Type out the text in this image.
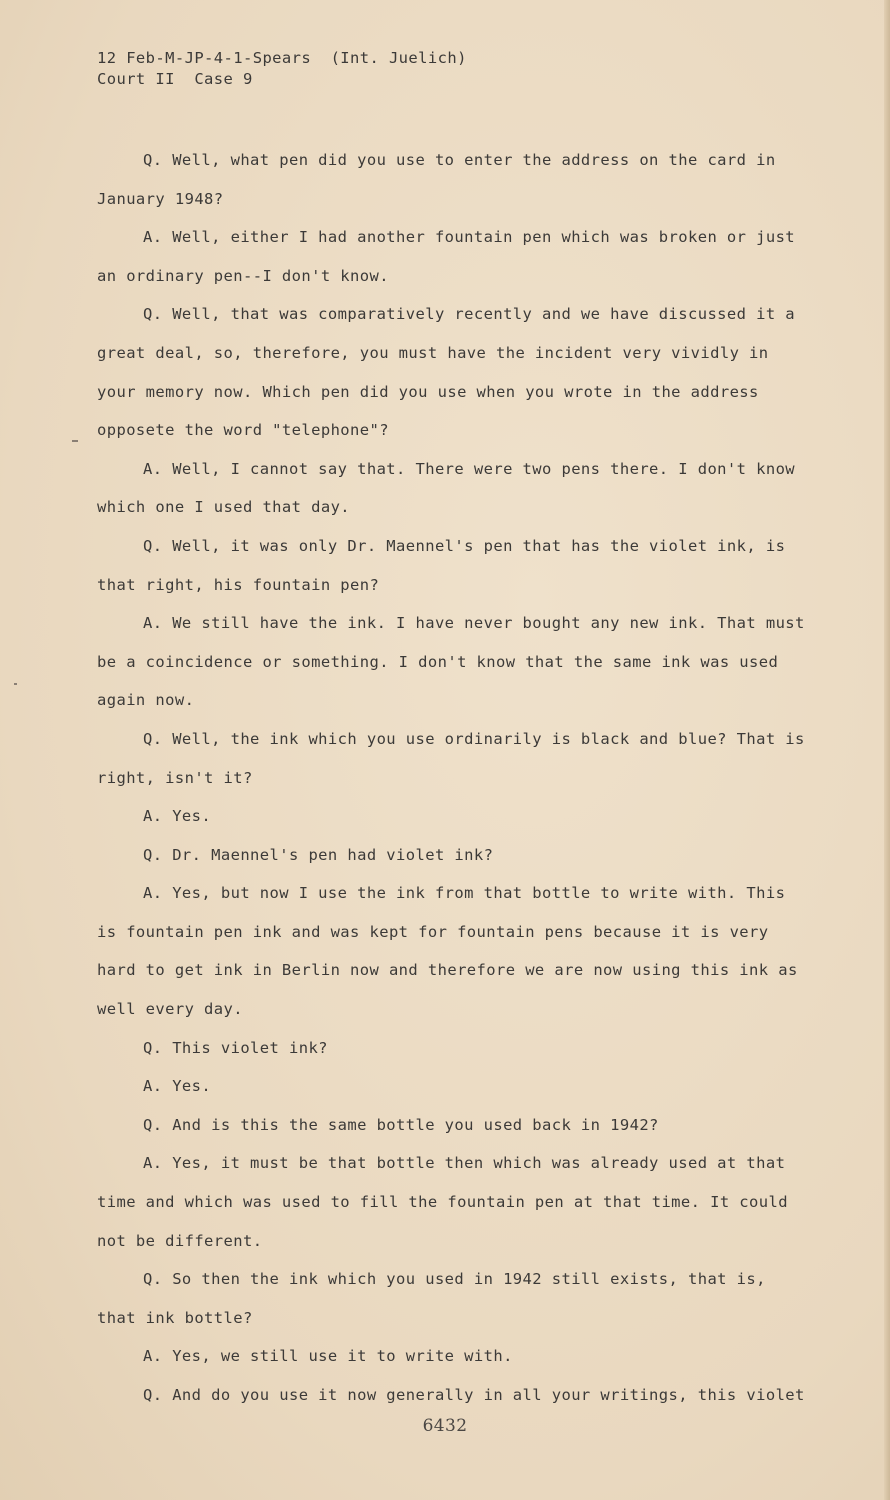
12 Feb-M-JP-4-1-Spears  (Int. Juelich)
Court II  Case 9
Q. Well, what pen did you use to enter the address on the card in January 1948?
A. Well, either I had another fountain pen which was broken or just an ordinary pen--I don't know.
Q. Well, that was comparatively recently and we have discussed it a great deal, so, therefore, you must have the incident very vividly in your memory now. Which pen did you use when you wrote in the address opposete the word "telephone"?
A. Well, I cannot say that. There were two pens there. I don't know which one I used that day.
Q. Well, it was only Dr. Maennel's pen that has the violet ink, is that right, his fountain pen?
A. We still have the ink. I have never bought any new ink. That must be a coincidence or something. I don't know that the same ink was used again now.
Q. Well, the ink which you use ordinarily is black and blue? That is right, isn't it?
A. Yes.
Q. Dr. Maennel's pen had violet ink?
A. Yes, but now I use the ink from that bottle to write with. This is fountain pen ink and was kept for fountain pens because it is very hard to get ink in Berlin now and therefore we are now using this ink as well every day.
Q. This violet ink?
A. Yes.
Q. And is this the same bottle you used back in 1942?
A. Yes, it must be that bottle then which was already used at that time and which was used to fill the fountain pen at that time. It could not be different.
Q. So then the ink which you used in 1942 still exists, that is, that ink bottle?
A. Yes, we still use it to write with.
Q. And do you use it now generally in all your writings, this violet
6432
